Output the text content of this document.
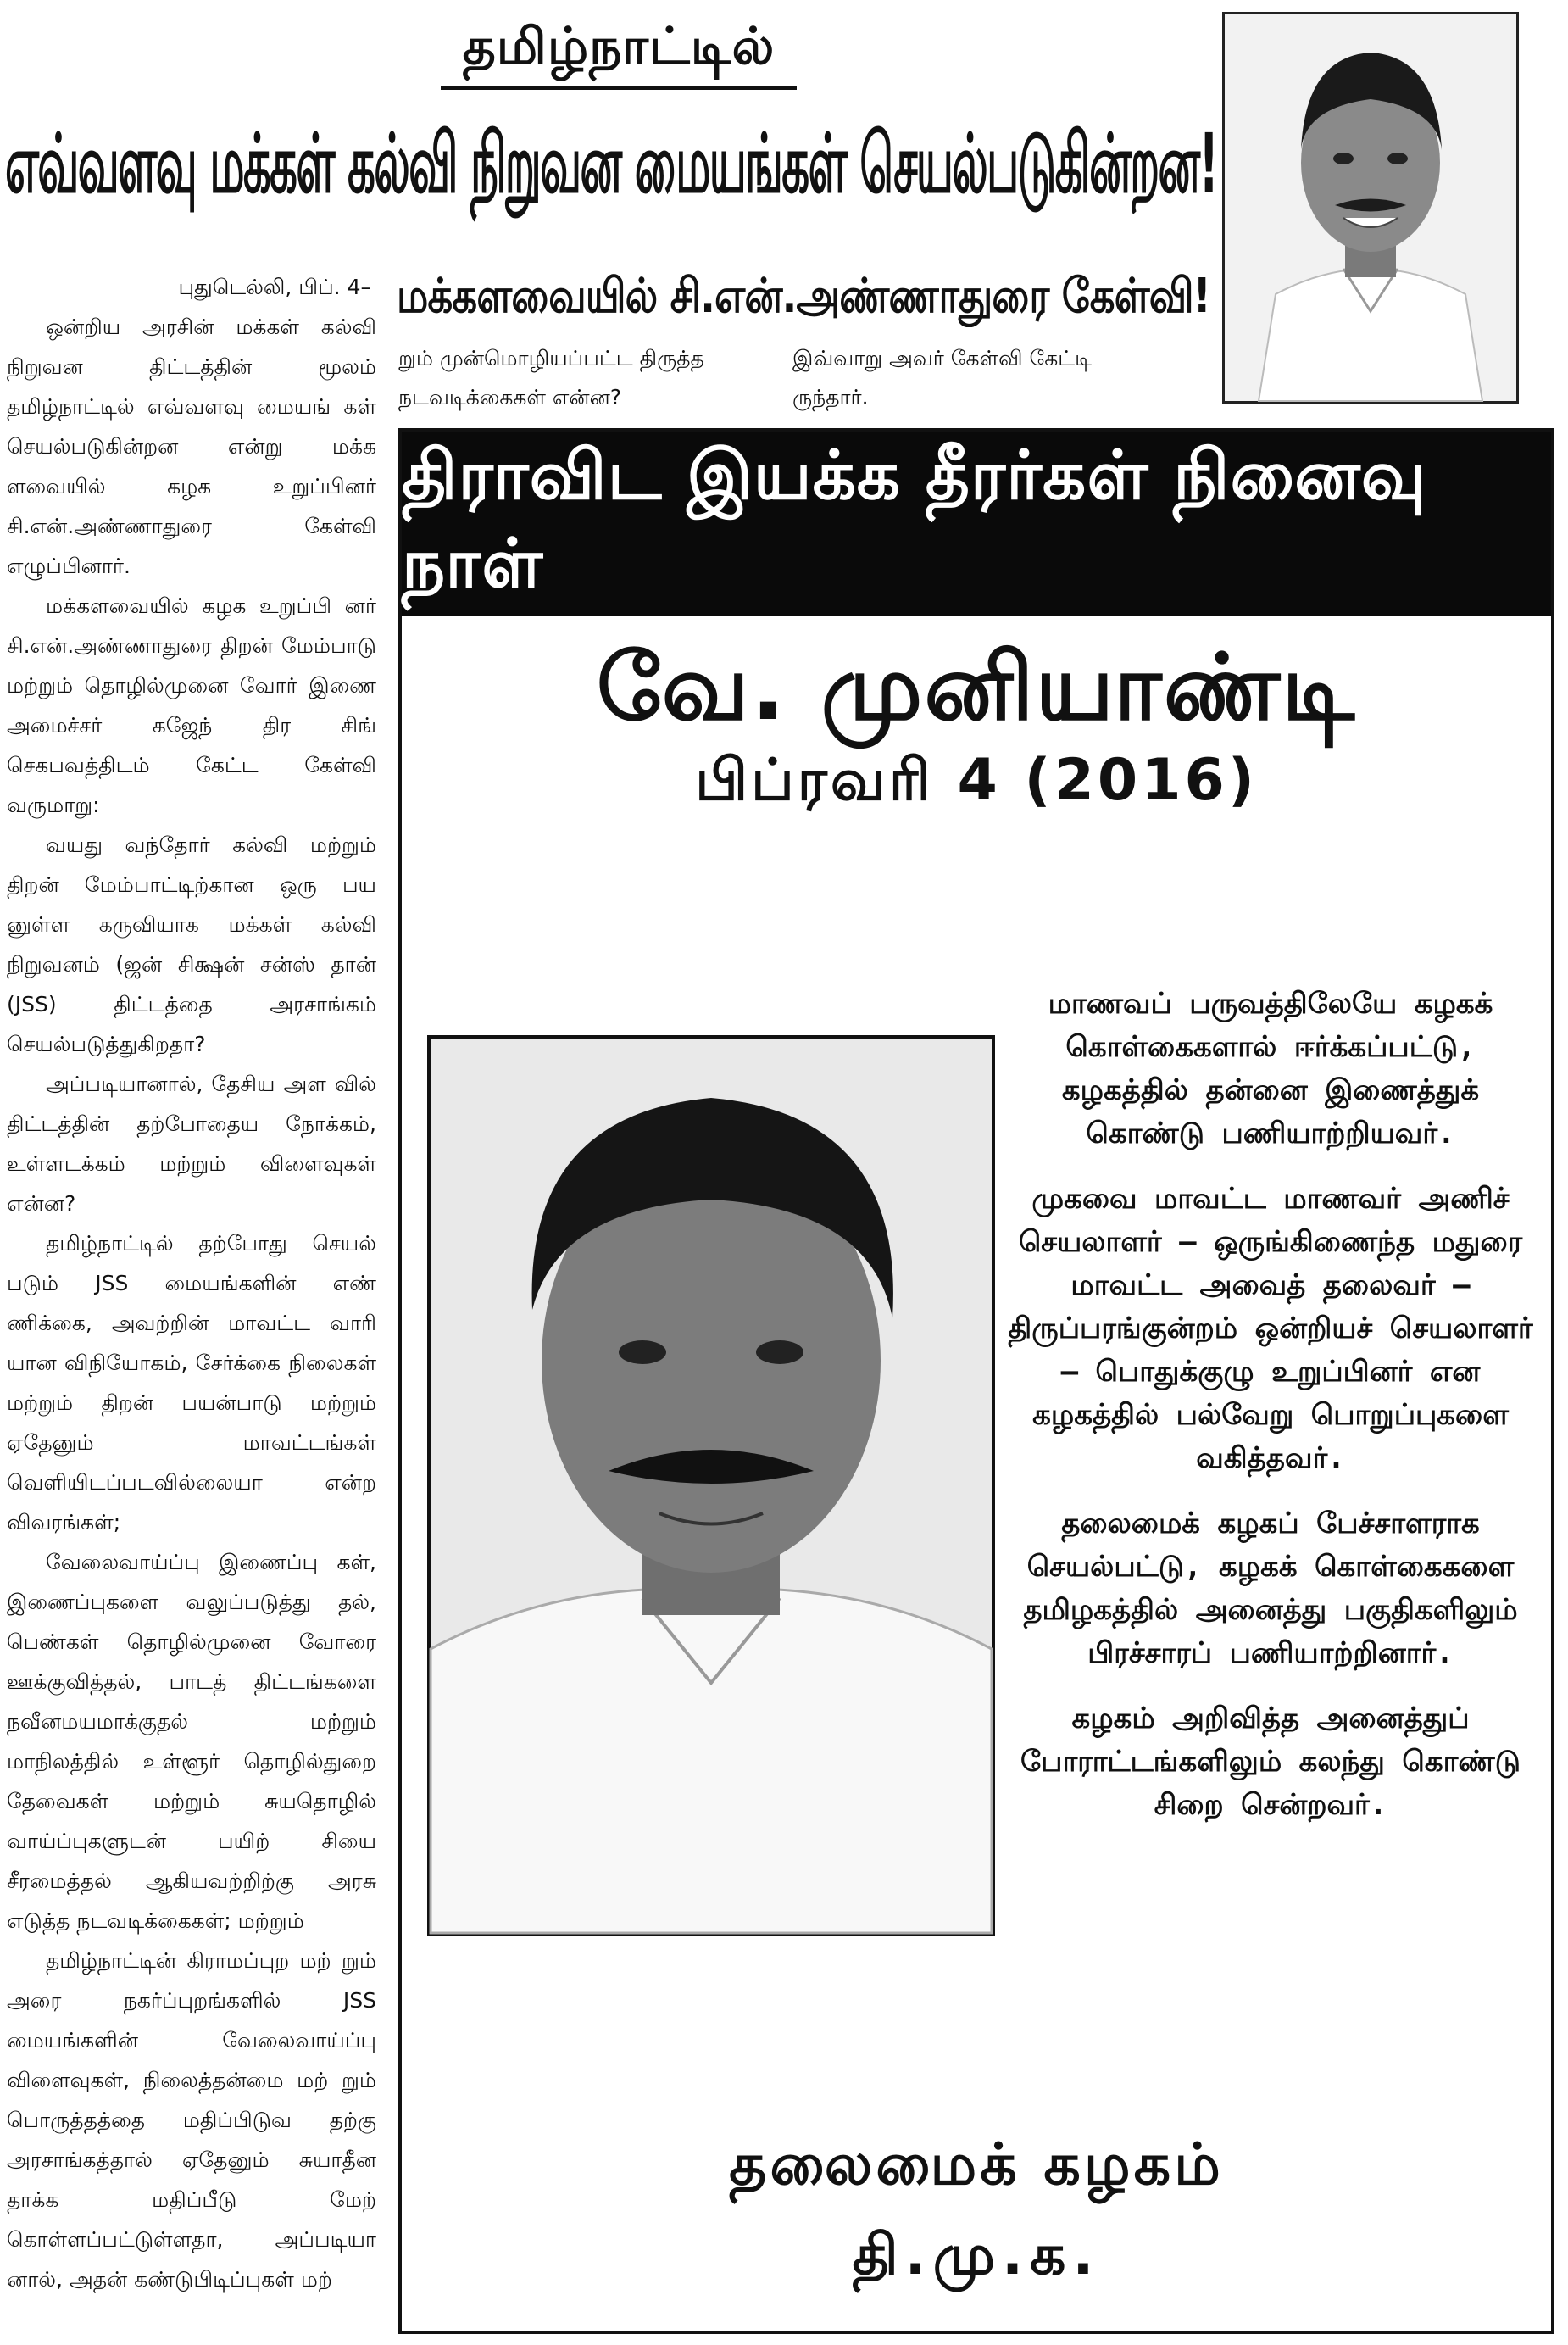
தமிழ்நாட்டில்
எவ்வளவு மக்கள் கல்வி நிறுவன மையங்கள் செயல்படுகின்றன!
மக்களவையில் சி.என்.அண்ணாதுரை கேள்வி!

புதுடெல்லி, பிப். 4–

ஒன்றிய அரசின் மக்கள் கல்வி நிறுவன திட்டத்தின் மூலம் தமிழ்நாட்டில் எவ்வளவு மையங் கள் செயல்படுகின்றன என்று மக்க ளவையில் கழக உறுப்பினர் சி.என்.அண்ணாதுரை கேள்வி எழுப்பினார்.

மக்களவையில் கழக உறுப்பி னர் சி.என்.அண்ணாதுரை திறன் மேம்பாடு மற்றும் தொழில்முனை வோர் இணை அமைச்சர் கஜேந் திர சிங் செகபவத்திடம் கேட்ட கேள்வி வருமாறு:

வயது வந்தோர் கல்வி மற்றும் திறன் மேம்பாட்டிற்கான ஒரு பய னுள்ள கருவியாக மக்கள் கல்வி நிறுவனம் (ஜன் சிக்ஷன் சன்ஸ் தான் (JSS) திட்டத்தை அரசாங்கம் செயல்படுத்துகிறதா?

அப்படியானால், தேசிய அள வில் திட்டத்தின் தற்போதைய நோக்கம், உள்ளடக்கம் மற்றும் விளைவுகள் என்ன?

தமிழ்நாட்டில் தற்போது செயல் படும் JSS மையங்களின் எண் ணிக்கை, அவற்றின் மாவட்ட வாரி யான விநியோகம், சேர்க்கை நிலைகள் மற்றும் திறன் பயன்பாடு மற்றும் ஏதேனும் மாவட்டங்கள் வெளியிடப்படவில்லையா என்ற விவரங்கள்;

வேலைவாய்ப்பு இணைப்பு கள், இணைப்புகளை வலுப்படுத்து தல், பெண்கள் தொழில்முனை வோரை ஊக்குவித்தல், பாடத் திட்டங்களை நவீனமயமாக்குதல் மற்றும் மாநிலத்தில் உள்ளூர் தொழில்துறை தேவைகள் மற்றும் சுயதொழில் வாய்ப்புகளுடன் பயிற் சியை சீரமைத்தல் ஆகியவற்றிற்கு அரசு எடுத்த நடவடிக்கைகள்; மற்றும்

தமிழ்நாட்டின் கிராமப்புற மற் றும் அரை நகர்ப்புறங்களில் JSS மையங்களின் வேலைவாய்ப்பு விளைவுகள், நிலைத்தன்மை மற் றும் பொருத்தத்தை மதிப்பிடுவ தற்கு அரசாங்கத்தால் ஏதேனும் சுயாதீன தாக்க மதிப்பீடு மேற் கொள்ளப்பட்டுள்ளதா, அப்படியா னால், அதன் கண்டுபிடிப்புகள் மற்

றும் முன்மொழியப்பட்ட திருத்த நடவடிக்கைகள் என்ன?
இவ்வாறு அவர் கேள்வி கேட்டி ருந்தார்.
திராவிட இயக்க தீரர்கள் நினைவு நாள்
வே. முனியாண்டி
பிப்ரவரி 4 (2016)

மாணவப் பருவத்திலேயே கழகக் கொள்கைகளால் ஈர்க்கப்பட்டு, கழகத்தில் தன்னை இணைத்துக் கொண்டு பணியாற்றியவர்.

முகவை மாவட்ட மாணவர் அணிச் செயலாளர் – ஒருங்கிணைந்த மதுரை மாவட்ட அவைத் தலைவர் – திருப்பரங்குன்றம் ஒன்றியச் செயலாளர் – பொதுக்குழு உறுப்பினர் என கழகத்தில் பல்வேறு பொறுப்புகளை வகித்தவர்.

தலைமைக் கழகப் பேச்சாளராக செயல்பட்டு, கழகக் கொள்கைகளை தமிழகத்தில் அனைத்து பகுதிகளிலும் பிரச்சாரப் பணியாற்றினார்.

கழகம் அறிவித்த அனைத்துப் போராட்டங்களிலும் கலந்து கொண்டு சிறை சென்றவர்.

தலைமைக் கழகம்
தி.மு.க.
